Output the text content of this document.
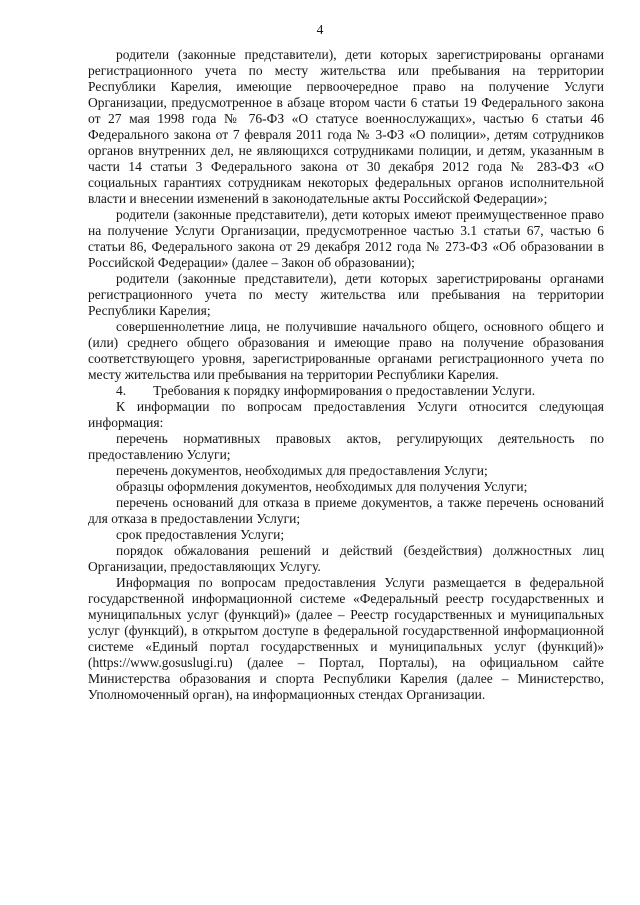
4

родители (законные представители), дети которых зарегистрированы органами регистрационного учета по месту жительства или пребывания на территории Республики Карелия, имеющие первоочередное право на получение Услуги Организации, предусмотренное в абзаце втором части 6 статьи 19 Федерального закона от 27 мая 1998 года № 76-ФЗ «О статусе военнослужащих», частью 6 статьи 46 Федерального закона от 7 февраля 2011 года № 3-ФЗ «О полиции», детям сотрудников органов внутренних дел, не являющихся сотрудниками полиции, и детям, указанным в части 14 статьи 3 Федерального закона от 30 декабря 2012 года № 283-ФЗ «О социальных гарантиях сотрудникам некоторых федеральных органов исполнительной власти и внесении изменений в законодательные акты Российской Федерации»;

родители (законные представители), дети которых имеют преимущественное право на получение Услуги Организации, предусмотренное частью 3.1 статьи 67, частью 6 статьи 86, Федерального закона от 29 декабря 2012 года № 273-ФЗ «Об образовании в Российской Федерации» (далее – Закон об образовании);

родители (законные представители), дети которых зарегистрированы органами регистрационного учета по месту жительства или пребывания на территории Республики Карелия;

совершеннолетние лица, не получившие начального общего, основного общего и (или) среднего общего образования и имеющие право на получение образования соответствующего уровня, зарегистрированные органами регистрационного учета по месту жительства или пребывания на территории Республики Карелия.

4.  Требования к порядку информирования о предоставлении Услуги.

К информации по вопросам предоставления Услуги относится следующая информация:

перечень нормативных правовых актов, регулирующих деятельность по предоставлению Услуги;

перечень документов, необходимых для предоставления Услуги;

образцы оформления документов, необходимых для получения Услуги;

перечень оснований для отказа в приеме документов, а также перечень оснований для отказа в предоставлении Услуги;

срок предоставления Услуги;

порядок обжалования решений и действий (бездействия) должностных лиц Организации, предоставляющих Услугу.

Информация по вопросам предоставления Услуги размещается в федеральной государственной информационной системе «Федеральный реестр государственных и муниципальных услуг (функций)» (далее – Реестр государственных и муниципальных услуг (функций), в открытом доступе в федеральной государственной информационной системе «Единый портал государственных и муниципальных услуг (функций)» (https://www.gosuslugi.ru) (далее – Портал, Порталы), на официальном сайте Министерства образования и спорта Республики Карелия (далее – Министерство, Уполномоченный орган), на информационных стендах Организации.
